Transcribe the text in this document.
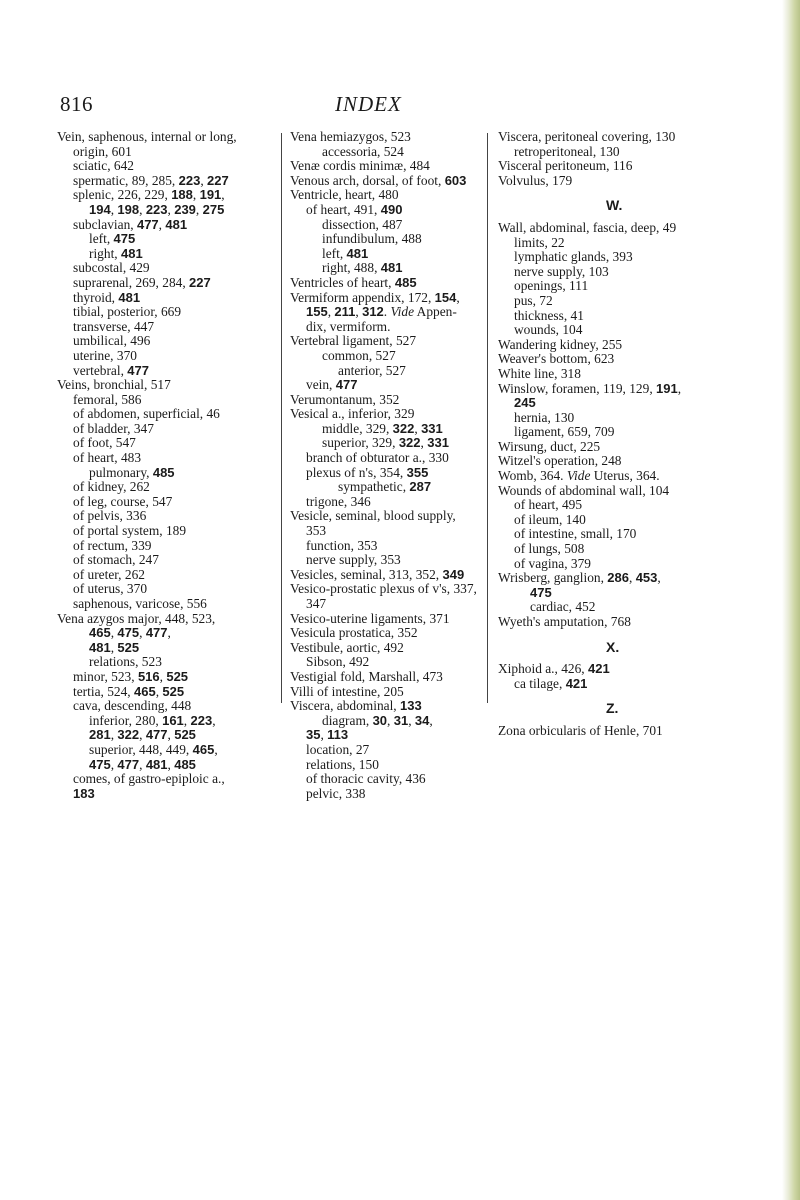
816	INDEX
Vein, saphenous, internal or long,
origin, 601
sciatic, 642
spermatic, 89, 285, 223, 227
splenic, 226, 229, 188, 191,
194, 198, 223, 239, 275
subclavian, 477, 481
left, 475
right, 481
subcostal, 429
suprarenal, 269, 284, 227
thyroid, 481
tibial, posterior, 669
transverse, 447
umbilical, 496
uterine, 370
vertebral, 477
Veins, bronchial, 517
femoral, 586
of abdomen, superficial, 46
of bladder, 347
of foot, 547
of heart, 483
pulmonary, 485
of kidney, 262
of leg, course, 547
of pelvis, 336
of portal system, 189
of rectum, 339
of stomach, 247
of ureter, 262
of uterus, 370
saphenous, varicose, 556
Vena azygos major, 448, 523,
465, 475, 477,
481, 525
relations, 523
minor, 523, 516, 525
tertia, 524, 465, 525
cava, descending, 448
inferior, 280, 161, 223,
281, 322, 477, 525
superior, 448, 449, 465,
475, 477, 481, 485
comes, of gastro-epiploic a.,
183
Vena hemiazygos, 523
accessoria, 524
Venæ cordis minimæ, 484
Venous arch, dorsal, of foot, 603
Ventricle, heart, 480
of heart, 491, 490
dissection, 487
infundibulum, 488
left, 481
right, 488, 481
Ventricles of heart, 485
Vermiform appendix, 172, 154,
155, 211, 312. Vide Appen-
dix, vermiform.
Vertebral ligament, 527
common, 527
anterior, 527
vein, 477
Verumontanum, 352
Vesical a., inferior, 329
middle, 329, 322, 331
superior, 329, 322, 331
branch of obturator a., 330
plexus of n's, 354, 355
sympathetic, 287
trigone, 346
Vesicle, seminal, blood supply,
353
function, 353
nerve supply, 353
Vesicles, seminal, 313, 352, 349
Vesico-prostatic plexus of v's, 337,
347
Vesico-uterine ligaments, 371
Vesicula prostatica, 352
Vestibule, aortic, 492
Sibson, 492
Vestigial fold, Marshall, 473
Villi of intestine, 205
Viscera, abdominal, 133
diagram, 30, 31, 34,
35, 113
location, 27
relations, 150
of thoracic cavity, 436
pelvic, 338
Viscera, peritoneal covering, 130
retroperitoneal, 130
Visceral peritoneum, 116
Volvulus, 179
W.
Wall, abdominal, fascia, deep, 49
limits, 22
lymphatic glands, 393
nerve supply, 103
openings, 111
pus, 72
thickness, 41
wounds, 104
Wandering kidney, 255
Weaver's bottom, 623
White line, 318
Winslow, foramen, 119, 129, 191,
245
hernia, 130
ligament, 659, 709
Wirsung, duct, 225
Witzel's operation, 248
Womb, 364. Vide Uterus, 364.
Wounds of abdominal wall, 104
of heart, 495
of ileum, 140
of intestine, small, 170
of lungs, 508
of vagina, 379
Wrisberg, ganglion, 286, 453,
475
cardiac, 452
Wyeth's amputation, 768
X.
Xiphoid a., 426, 421
ca tilage, 421
Z.
Zona orbicularis of Henle, 701
